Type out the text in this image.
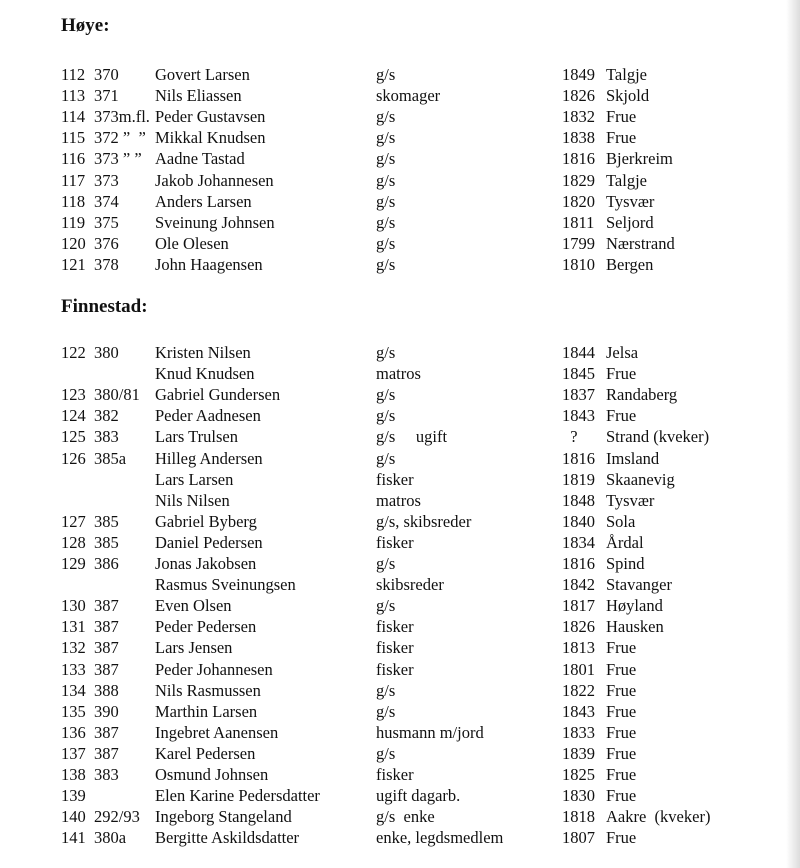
Høye:
Finnestad:
112 370 Govert Larsen	g/s	1849 Talgje
113 371 Nils Eliassen	skomager	1826 Skjold
114 373m.fl. Peder Gustavsen	g/s	1832 Frue
115 372 ”  ” Mikkal Knudsen	g/s	1838 Frue
116 373 ” ” Aadne Tastad	g/s	1816 Bjerkreim
117 373 Jakob Johannesen	g/s	1829 Talgje
118 374 Anders Larsen	g/s	1820 Tysvær
119 375 Sveinung Johnsen	g/s	1811 Seljord
120 376 Ole Olesen	g/s	1799 Nærstrand
121 378 John Haagensen	g/s	1810 Bergen
122 380 Kristen Nilsen	g/s	1844 Jelsa
Knud Knudsen	matros	1845 Frue
123 380/81 Gabriel Gundersen	g/s	1837 Randaberg
124 382 Peder Aadnesen	g/s	1843 Frue
125 383 Lars Trulsen	g/s     ugift	? Strand (kveker)
126 385a Hilleg Andersen	g/s	1816 Imsland
Lars Larsen	fisker	1819 Skaanevig
Nils Nilsen	matros	1848 Tysvær
127 385 Gabriel Byberg	g/s, skibsreder	1840 Sola
128 385 Daniel Pedersen	fisker	1834 Årdal
129 386 Jonas Jakobsen	g/s	1816 Spind
Rasmus Sveinungsen	skibsreder	1842 Stavanger
130 387 Even Olsen	g/s	1817 Høyland
131 387 Peder Pedersen	fisker	1826 Hausken
132 387 Lars Jensen	fisker	1813 Frue
133 387 Peder Johannesen	fisker	1801 Frue
134 388 Nils Rasmussen	g/s	1822 Frue
135 390 Marthin Larsen	g/s	1843 Frue
136 387 Ingebret Aanensen	husmann m/jord	1833 Frue
137 387 Karel Pedersen	g/s	1839 Frue
138 383 Osmund Johnsen	fisker	1825 Frue
139	Elen Karine Pedersdatter	ugift dagarb.	1830 Frue
140 292/93 Ingeborg Stangeland	g/s  enke	1818 Aakre  (kveker)
141 380a Bergitte Askildsdatter	enke, legdsmedlem	1807 Frue
